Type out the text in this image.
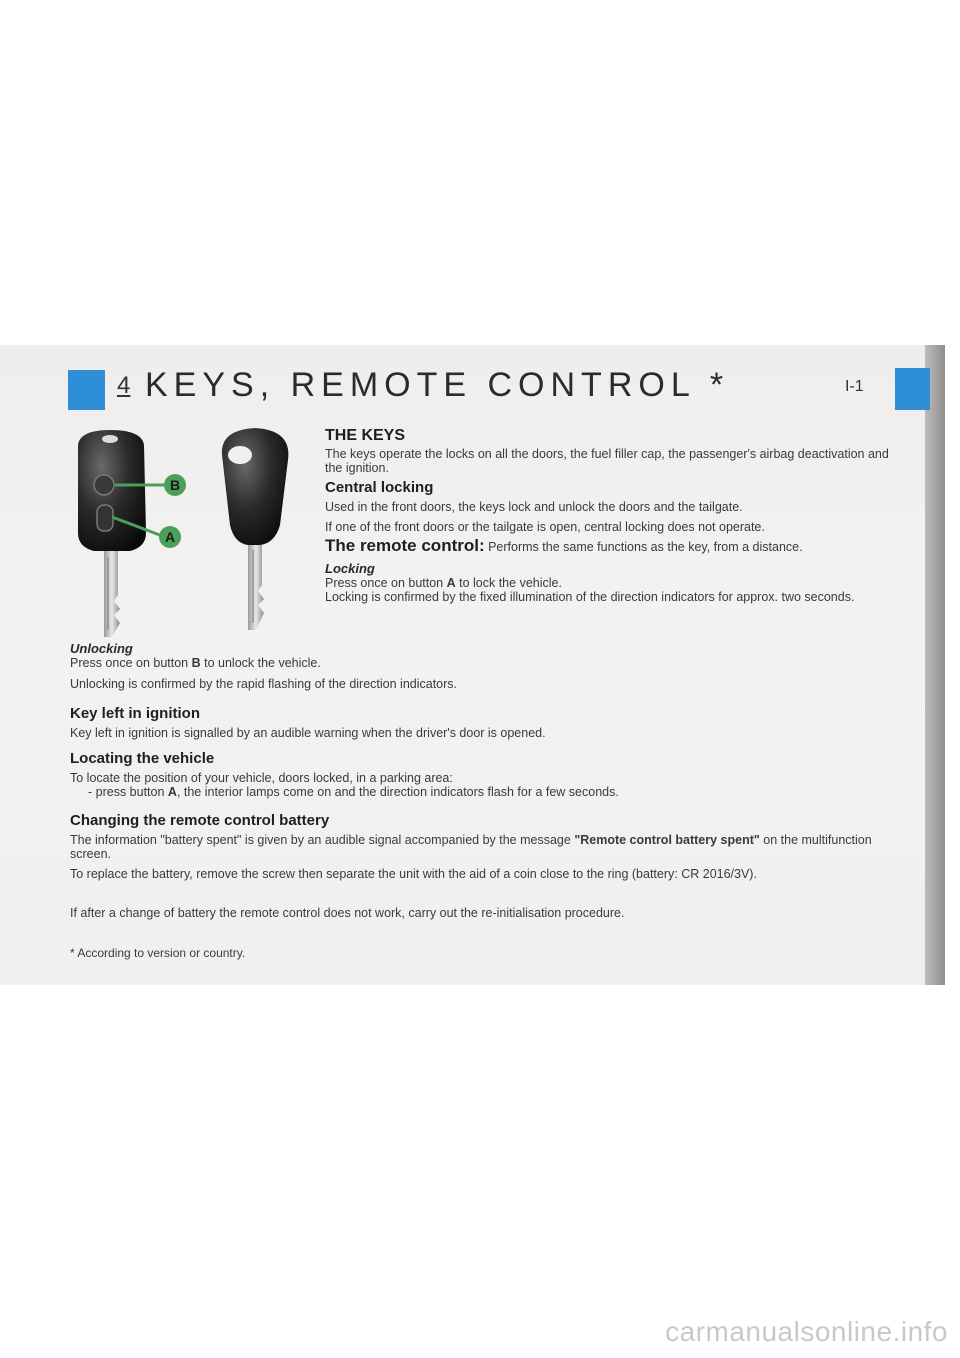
4 KEYS, REMOTE CONTROL *	I-1
B
A
THE KEYS
The keys operate the locks on all the doors, the fuel filler cap, the passenger's airbag deactivation and the ignition.
Central locking
Used in the front doors, the keys lock and unlock the doors and the tailgate.
If one of the front doors or the tailgate is open, central locking does not operate.
The remote control: Performs the same functions as the key, from a distance.
Locking
Press once on button A to lock the vehicle.
Locking is confirmed by the fixed illumination of the direction indicators for approx. two seconds.
Unlocking
Press once on button B to unlock the vehicle.
Unlocking is confirmed by the rapid flashing of the direction indicators.
Key left in ignition
Key left in ignition is signalled by an audible warning when the driver's door is opened.
Locating the vehicle
To locate the position of your vehicle, doors locked, in a parking area:
- press button A, the interior lamps come on and the direction indicators flash for a few seconds.
Changing the remote control battery
The information "battery spent" is given by an audible signal accompanied by the message "Remote control battery spent" on the multifunction screen.
To replace the battery, remove the screw then separate the unit with the aid of a coin close to the ring (battery: CR 2016/3V).
If after a change of battery the remote control does not work, carry out the re-initialisation procedure.
* According to version or country.
carmanualsonline.info
